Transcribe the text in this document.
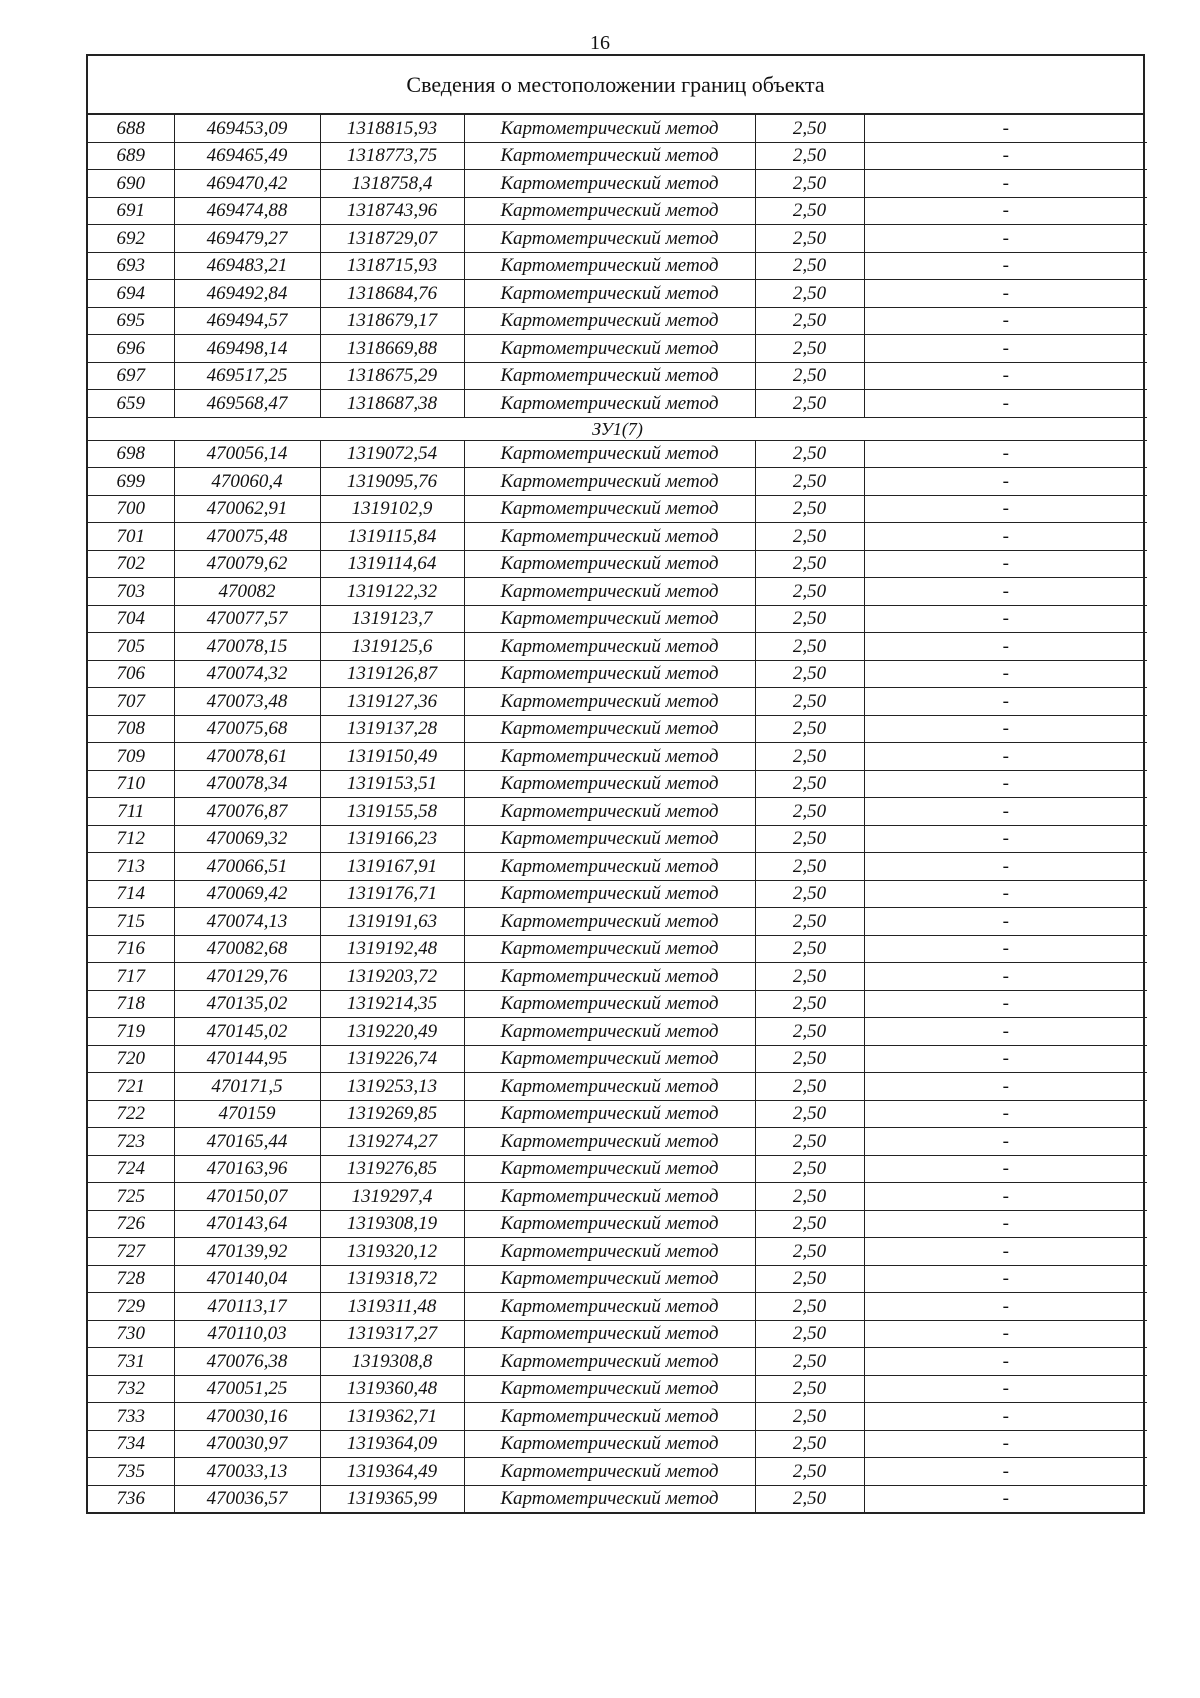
16
Сведения о местоположении границ объекта
688	469453,09	1318815,93	Картометрический метод	2,50	-
689	469465,49	1318773,75	Картометрический метод	2,50	-
690	469470,42	1318758,4	Картометрический метод	2,50	-
691	469474,88	1318743,96	Картометрический метод	2,50	-
692	469479,27	1318729,07	Картометрический метод	2,50	-
693	469483,21	1318715,93	Картометрический метод	2,50	-
694	469492,84	1318684,76	Картометрический метод	2,50	-
695	469494,57	1318679,17	Картометрический метод	2,50	-
696	469498,14	1318669,88	Картометрический метод	2,50	-
697	469517,25	1318675,29	Картометрический метод	2,50	-
659	469568,47	1318687,38	Картометрический метод	2,50	-
ЗУ1(7)					
698	470056,14	1319072,54	Картометрический метод	2,50	-
699	470060,4	1319095,76	Картометрический метод	2,50	-
700	470062,91	1319102,9	Картометрический метод	2,50	-
701	470075,48	1319115,84	Картометрический метод	2,50	-
702	470079,62	1319114,64	Картометрический метод	2,50	-
703	470082	1319122,32	Картометрический метод	2,50	-
704	470077,57	1319123,7	Картометрический метод	2,50	-
705	470078,15	1319125,6	Картометрический метод	2,50	-
706	470074,32	1319126,87	Картометрический метод	2,50	-
707	470073,48	1319127,36	Картометрический метод	2,50	-
708	470075,68	1319137,28	Картометрический метод	2,50	-
709	470078,61	1319150,49	Картометрический метод	2,50	-
710	470078,34	1319153,51	Картометрический метод	2,50	-
711	470076,87	1319155,58	Картометрический метод	2,50	-
712	470069,32	1319166,23	Картометрический метод	2,50	-
713	470066,51	1319167,91	Картометрический метод	2,50	-
714	470069,42	1319176,71	Картометрический метод	2,50	-
715	470074,13	1319191,63	Картометрический метод	2,50	-
716	470082,68	1319192,48	Картометрический метод	2,50	-
717	470129,76	1319203,72	Картометрический метод	2,50	-
718	470135,02	1319214,35	Картометрический метод	2,50	-
719	470145,02	1319220,49	Картометрический метод	2,50	-
720	470144,95	1319226,74	Картометрический метод	2,50	-
721	470171,5	1319253,13	Картометрический метод	2,50	-
722	470159	1319269,85	Картометрический метод	2,50	-
723	470165,44	1319274,27	Картометрический метод	2,50	-
724	470163,96	1319276,85	Картометрический метод	2,50	-
725	470150,07	1319297,4	Картометрический метод	2,50	-
726	470143,64	1319308,19	Картометрический метод	2,50	-
727	470139,92	1319320,12	Картометрический метод	2,50	-
728	470140,04	1319318,72	Картометрический метод	2,50	-
729	470113,17	1319311,48	Картометрический метод	2,50	-
730	470110,03	1319317,27	Картометрический метод	2,50	-
731	470076,38	1319308,8	Картометрический метод	2,50	-
732	470051,25	1319360,48	Картометрический метод	2,50	-
733	470030,16	1319362,71	Картометрический метод	2,50	-
734	470030,97	1319364,09	Картометрический метод	2,50	-
735	470033,13	1319364,49	Картометрический метод	2,50	-
736	470036,57	1319365,99	Картометрический метод	2,50	-
